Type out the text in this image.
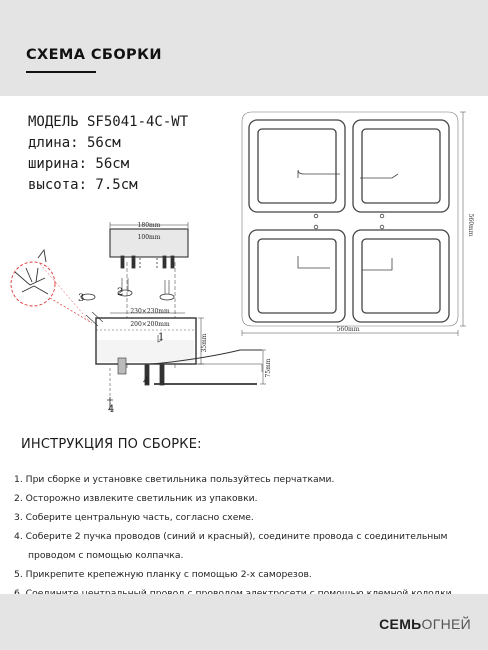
СХЕМА СБОРКИ
МОДЕЛЬ SF5041-4C-WT
длина: 56см
ширина: 56см
высота: 7.5см
560mm
560mm
180mm
100mm
230×230mm
200×200mm
35mm
75mm
1
2
3
4
4
ИНСТРУКЦИЯ ПО СБОРКЕ:
1. При сборке и установке светильника пользуйтесь перчатками.
2. Осторожно извлеките светильник из упаковки.
3. Соберите центральную часть, согласно схеме.
4. Соберите 2 пучка проводов (синий и красный), соедините провода с соединительным
проводом с помощью колпачка.
5. Прикрепите крепежную планку с помощью 2-х саморезов.
СЕМЬОГНЕЙ
